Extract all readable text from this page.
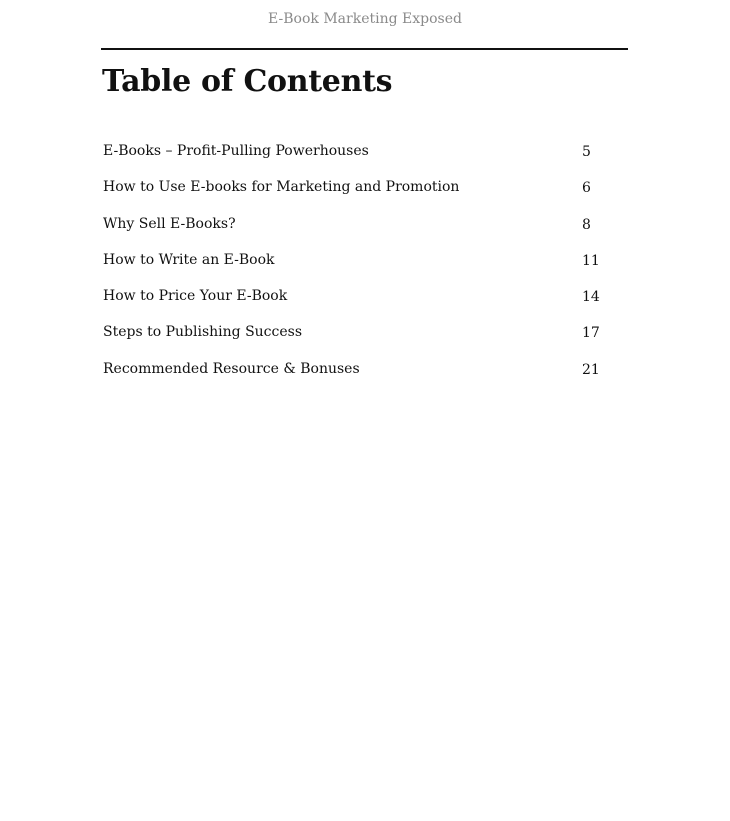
E-Book Marketing Exposed
Table of Contents
E-Books – Profit-Pulling Powerhouses	5
How to Use E-books for Marketing and Promotion	6
Why Sell E-Books?	8
How to Write an E-Book	11
How to Price Your E-Book	14
Steps to Publishing Success	17
Recommended Resource & Bonuses	21
